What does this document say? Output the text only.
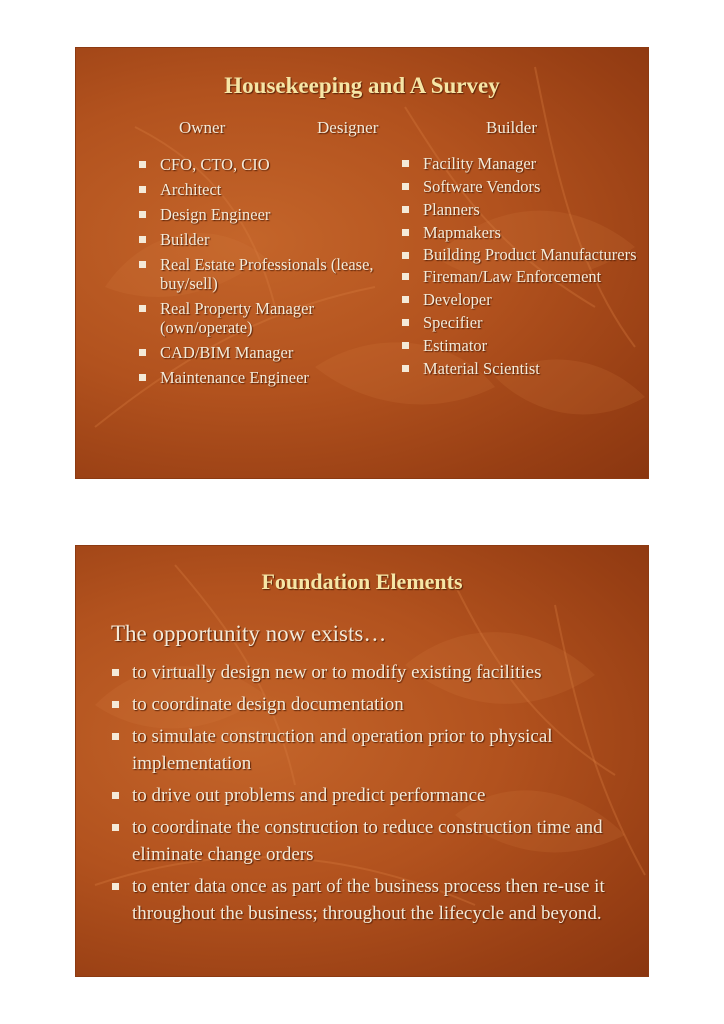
Housekeeping and A Survey
Owner	Designer	Builder
CFO, CTO, CIO
Architect
Design Engineer
Builder
Real Estate Professionals (lease, buy/sell)
Real Property Manager (own/operate)
CAD/BIM Manager
Maintenance Engineer
Facility Manager
Software Vendors
Planners
Mapmakers
Building Product Manufacturers
Fireman/Law Enforcement
Developer
Specifier
Estimator
Material Scientist
Foundation Elements
The opportunity now exists…
to virtually design new or to modify existing facilities
to coordinate design documentation
to simulate construction and operation prior to physical implementation
to drive out problems and predict performance
to coordinate the construction to reduce construction time and eliminate change orders
to enter data once as part of the business process then re-use it throughout the business; throughout the lifecycle and beyond.
